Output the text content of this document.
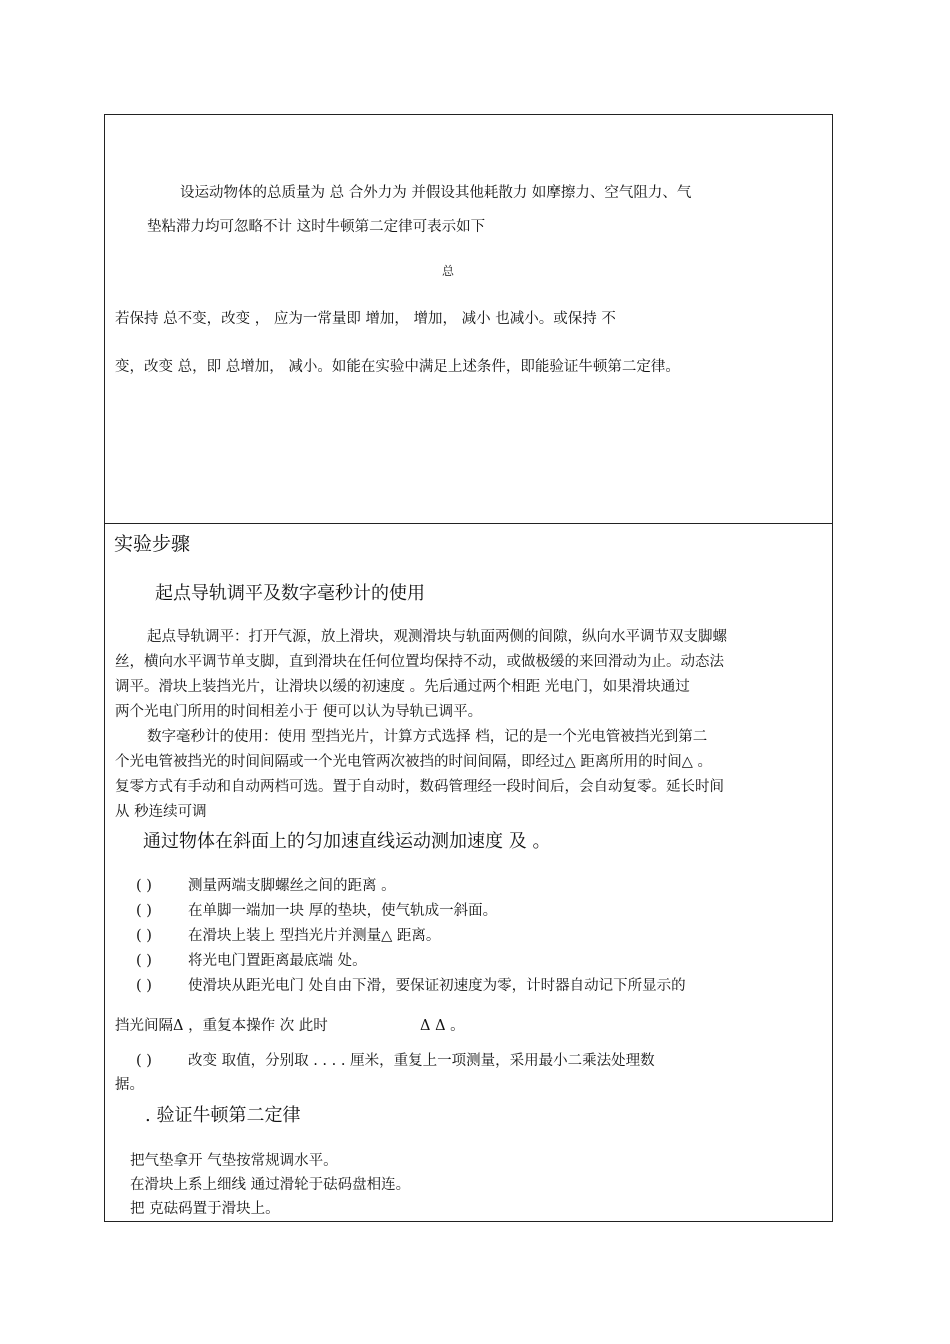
设运动物体的总质量为 总 合外力为 并假设其他耗散力 如摩擦力、空气阻力、气
垫粘滞力均可忽略不计 这时牛顿第二定律可表示如下
总
若保持 总不变，改变 ， 应为一常量即 增加， 增加， 减小 也减小。或保持 不
变，改变 总，即 总增加， 减小。如能在实验中满足上述条件，即能验证牛顿第二定律。
实验步骤
起点导轨调平及数字毫秒计的使用
起点导轨调平：打开气源，放上滑块，观测滑块与轨面两侧的间隙，纵向水平调节双支脚螺
丝，横向水平调节单支脚，直到滑块在任何位置均保持不动，或做极缓的来回滑动为止。动态法
调平。滑块上装挡光片，让滑块以缓的初速度 。先后通过两个相距 光电门，如果滑块通过
两个光电门所用的时间相差小于 便可以认为导轨已调平。
数字毫秒计的使用：使用 型挡光片，计算方式选择 档，记的是一个光电管被挡光到第二
个光电管被挡光的时间间隔或一个光电管两次被挡的时间间隔，即经过△ 距离所用的时间△ 。
复零方式有手动和自动两档可选。置于自动时，数码管理经一段时间后，会自动复零。延长时间
从 秒连续可调
通过物体在斜面上的匀加速直线运动测加速度 及 。
( ) 测量两端支脚螺丝之间的距离 。
( ) 在单脚一端加一块 厚的垫块，使气轨成一斜面。
( ) 在滑块上装上 型挡光片并测量△ 距离。
( ) 将光电门置距离最底端 处。
( ) 使滑块从距光电门 处自由下滑，要保证初速度为零，计时器自动记下所显示的
挡光间隔Δ ，重复本操作 次 此时	Δ Δ 。
( ) 改变 取值，分别取 . . . . 厘米，重复上一项测量，采用最小二乘法处理数
据。
. 验证牛顿第二定律
把气垫拿开 气垫按常规调水平。
在滑块上系上细线 通过滑轮于砝码盘相连。
把 克砝码置于滑块上。
